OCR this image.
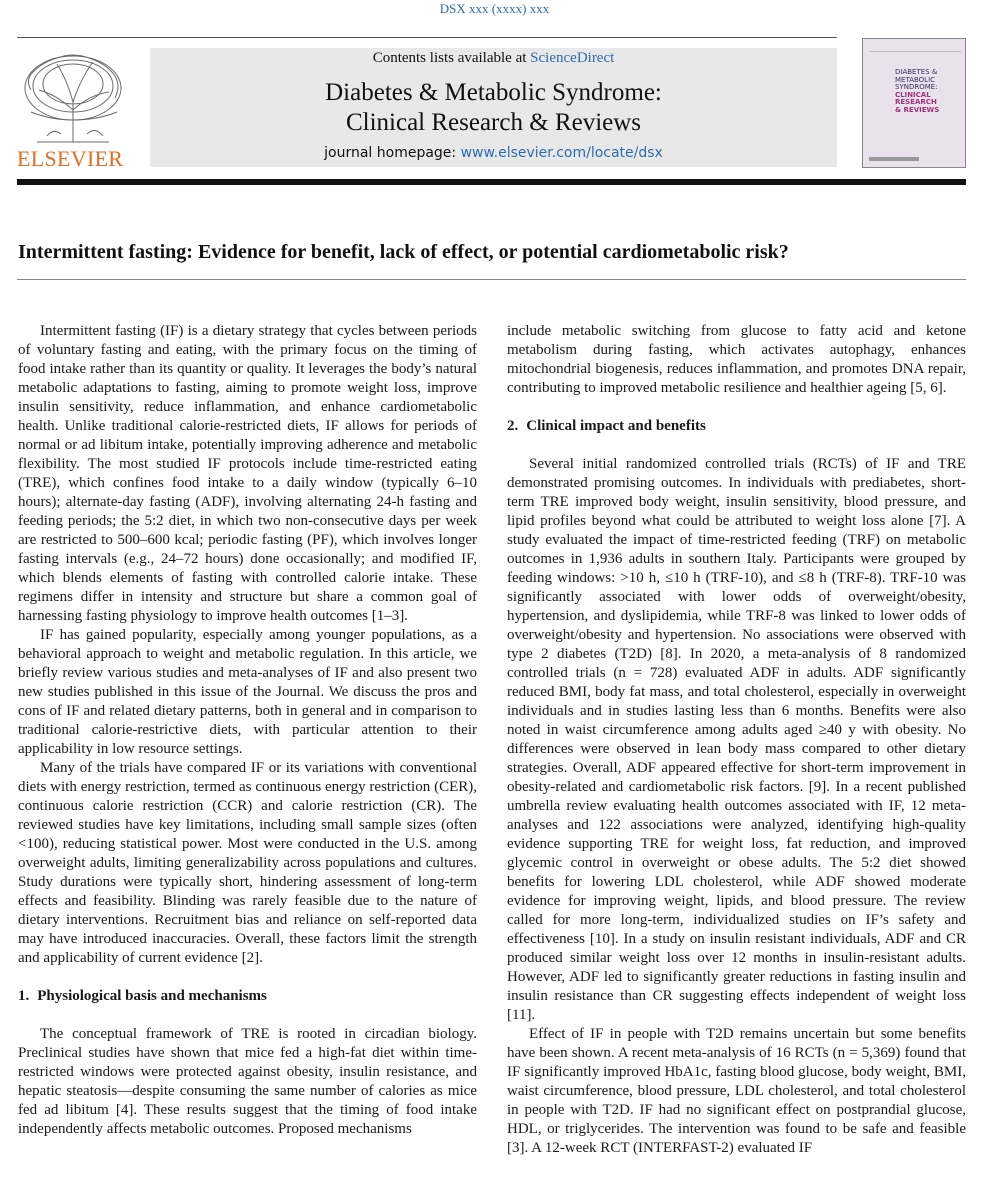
DSX xxx (xxxx) xxx
ELSEVIER
Contents lists available at ScienceDirect
Diabetes & Metabolic Syndrome:
Clinical Research & Reviews
journal homepage: www.elsevier.com/locate/dsx
DIABETES &
METABOLIC
SYNDROME:
CLINICAL
RESEARCH
& REVIEWS
Intermittent fasting: Evidence for benefit, lack of effect, or potential cardiometabolic risk?

Intermittent fasting (IF) is a dietary strategy that cycles between periods of voluntary fasting and eating, with the primary focus on the timing of food intake rather than its quantity or quality. It leverages the body’s natural metabolic adaptations to fasting, aiming to promote weight loss, improve insulin sensitivity, reduce inflammation, and enhance cardiometabolic health. Unlike traditional calorie-restricted diets, IF allows for periods of normal or ad libitum intake, potentially improving adherence and metabolic flexibility. The most studied IF protocols include time-restricted eating (TRE), which confines food intake to a daily window (typically 6–10 hours); alternate-day fasting (ADF), involving alternating 24-h fasting and feeding periods; the 5:2 diet, in which two non-consecutive days per week are restricted to 500–600 kcal; periodic fasting (PF), which involves longer fasting intervals (e.g., 24–72 hours) done occasionally; and modified IF, which blends elements of fasting with controlled calorie intake. These regimens differ in intensity and structure but share a common goal of harnessing fasting physiology to improve health outcomes [1–3].

IF has gained popularity, especially among younger populations, as a behavioral approach to weight and metabolic regulation. In this article, we briefly review various studies and meta-analyses of IF and also present two new studies published in this issue of the Journal. We discuss the pros and cons of IF and related dietary patterns, both in general and in comparison to traditional calorie-restrictive diets, with particular attention to their applicability in low resource settings.

Many of the trials have compared IF or its variations with conventional diets with energy restriction, termed as continuous energy restriction (CER), continuous calorie restriction (CCR) and calorie restriction (CR). The reviewed studies have key limitations, including small sample sizes (often <100), reducing statistical power. Most were conducted in the U.S. among overweight adults, limiting generalizability across populations and cultures. Study durations were typically short, hindering assessment of long-term effects and feasibility. Blinding was rarely feasible due to the nature of dietary interventions. Recruitment bias and reliance on self-reported data may have introduced inaccuracies. Overall, these factors limit the strength and applicability of current evidence [2].

1. Physiological basis and mechanisms

The conceptual framework of TRE is rooted in circadian biology. Preclinical studies have shown that mice fed a high-fat diet within time-restricted windows were protected against obesity, insulin resistance, and hepatic steatosis—despite consuming the same number of calories as mice fed ad libitum [4]. These results suggest that the timing of food intake independently affects metabolic outcomes. Proposed mechanisms

include metabolic switching from glucose to fatty acid and ketone metabolism during fasting, which activates autophagy, enhances mitochondrial biogenesis, reduces inflammation, and promotes DNA repair, contributing to improved metabolic resilience and healthier ageing [5, 6].

2. Clinical impact and benefits

Several initial randomized controlled trials (RCTs) of IF and TRE demonstrated promising outcomes. In individuals with prediabetes, short-term TRE improved body weight, insulin sensitivity, blood pressure, and lipid profiles beyond what could be attributed to weight loss alone [7]. A study evaluated the impact of time-restricted feeding (TRF) on metabolic outcomes in 1,936 adults in southern Italy. Participants were grouped by feeding windows: >10 h, ≤10 h (TRF-10), and ≤8 h (TRF-8). TRF-10 was significantly associated with lower odds of overweight/obesity, hypertension, and dyslipidemia, while TRF-8 was linked to lower odds of overweight/obesity and hypertension. No associations were observed with type 2 diabetes (T2D) [8]. In 2020, a meta-analysis of 8 randomized controlled trials (n = 728) evaluated ADF in adults. ADF significantly reduced BMI, body fat mass, and total cholesterol, especially in overweight individuals and in studies lasting less than 6 months. Benefits were also noted in waist circumference among adults aged ≥40 y with obesity. No differences were observed in lean body mass compared to other dietary strategies. Overall, ADF appeared effective for short-term improvement in obesity-related and cardiometabolic risk factors. [9]. In a recent published umbrella review evaluating health outcomes associated with IF, 12 meta-analyses and 122 associations were analyzed, identifying high-quality evidence supporting TRE for weight loss, fat reduction, and improved glycemic control in overweight or obese adults. The 5:2 diet showed benefits for lowering LDL cholesterol, while ADF showed moderate evidence for improving weight, lipids, and blood pressure. The review called for more long-term, individualized studies on IF’s safety and effectiveness [10]. In a study on insulin resistant individuals, ADF and CR produced similar weight loss over 12 months in insulin-resistant adults. However, ADF led to significantly greater reductions in fasting insulin and insulin resistance than CR suggesting effects independent of weight loss [11].

Effect of IF in people with T2D remains uncertain but some benefits have been shown. A recent meta-analysis of 16 RCTs (n = 5,369) found that IF significantly improved HbA1c, fasting blood glucose, body weight, BMI, waist circumference, blood pressure, LDL cholesterol, and total cholesterol in people with T2D. IF had no significant effect on postprandial glucose, HDL, or triglycerides. The intervention was found to be safe and feasible [3]. A 12-week RCT (INTERFAST-2) evaluated IF
